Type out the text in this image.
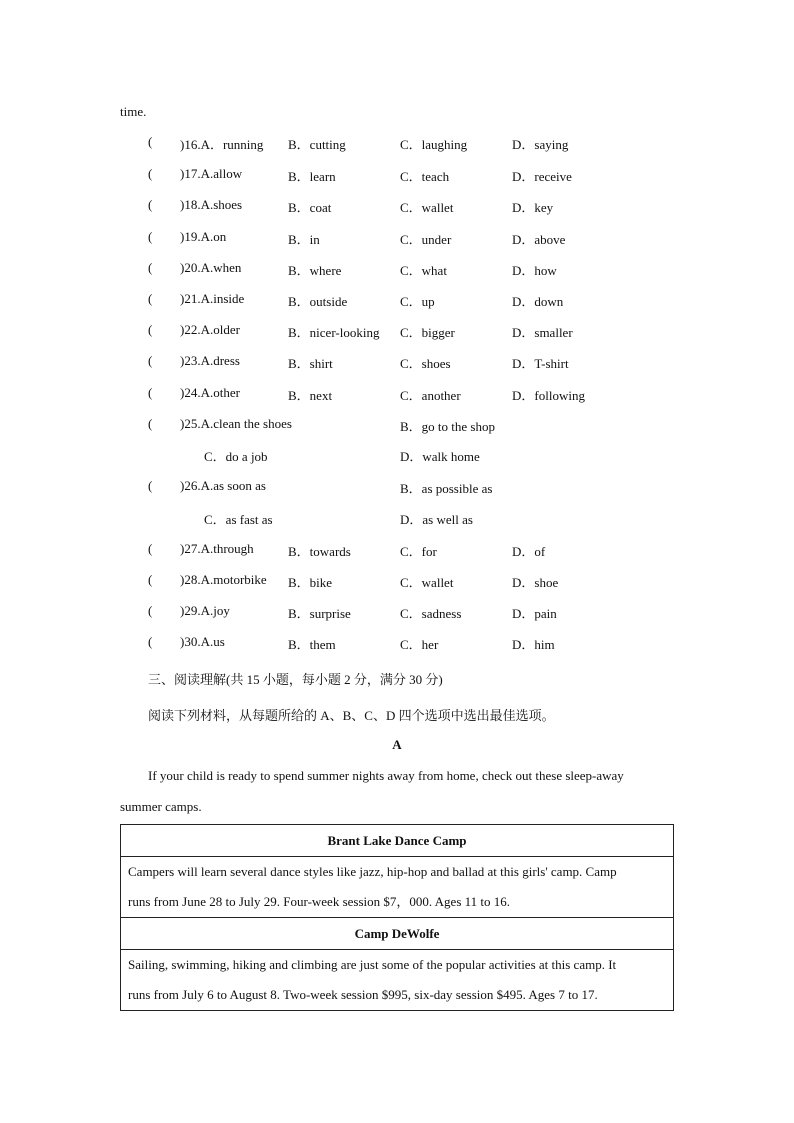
time.
( )16.A．running B．cutting	C．laughing	D．saying
( )17.A.allow	B．learn	C．teach	D．receive
( )18.A.shoes	B．coat	C．wallet	D．key
( )19.A.on	B．in	C．under	D．above
( )20.A.when	B．where	C．what	D．how
( )21.A.inside	B．outside	C．up	D．down
( )22.A.older	B．nicer-looking C．bigger	D．smaller
( )23.A.dress	B．shirt	C．shoes	D．T-shirt
( )24.A.other	B．next	C．another	D．following
( )25.A.clean the shoes	B．go to the shop
C．do a job	D．walk home
( )26.A.as soon as	B．as possible as
C．as fast as	D．as well as
( )27.A.through	B．towards	C．for	D．of
( )28.A.motorbike B．bike	C．wallet	D．shoe
( )29.A.joy	B．surprise	C．sadness	D．pain
( )30.A.us	B．them	C．her	D．him
三、阅读理解(共 15 小题，每小题 2 分，满分 30 分)
阅读下列材料，从每题所给的 A、B、C、D 四个选项中选出最佳选项。
A
If your child is ready to spend summer nights away from home, check out these sleep-away
summer camps.
Brant Lake Dance Camp

Campers will learn several dance styles like jazz, hip-hop and ballad at this girls' camp. Camp
runs from June 28 to July 29. Four-week session $7，000. Ages 11 to 16.

Camp DeWolfe

Sailing, swimming, hiking and climbing are just some of the popular activities at this camp. It
runs from July 6 to August 8. Two-week session $995, six-day session $495. Ages 7 to 17.
